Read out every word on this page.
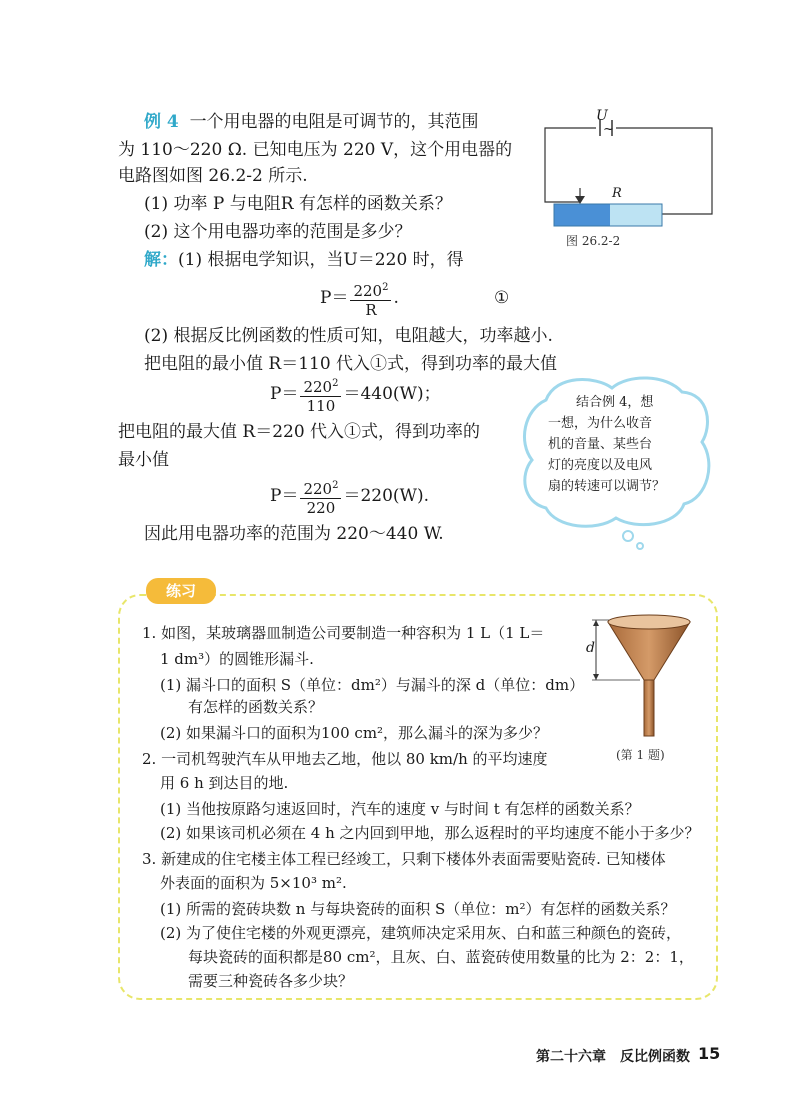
例 4 一个用电器的电阻是可调节的，其范围
为 110～220 Ω. 已知电压为 220 V，这个用电器的
电路图如图 26.2-2 所示.
(1) 功率 P 与电阻R 有怎样的函数关系？
(2) 这个用电器功率的范围是多少？
解：(1) 根据电学知识，当U＝220 时，得
$P= \frac{220^2}{R}$ .	①
(2) 根据反比例函数的性质可知，电阻越大，功率越小.
把电阻的最小值 R＝110 代入①式，得到功率的最大值
$P= \frac{220^2}{110} =440(W)$；
把电阻的最大值 R＝220 代入①式，得到功率的
最小值
$P= \frac{220^2}{220} =220(W)$.
因此用电器功率的范围为 220～440 W.
U
~
R
图 26.2-2
结合例 4，想
一想，为什么收音
机的音量、某些台
灯的亮度以及电风
扇的转速可以调节？
练习
1. 如图，某玻璃器皿制造公司要制造一种容积为 1 L（1 L＝
1 dm³）的圆锥形漏斗.
(1) 漏斗口的面积 S（单位：dm²）与漏斗的深 d（单位：dm）
有怎样的函数关系？
(2) 如果漏斗口的面积为100 cm²，那么漏斗的深为多少？
2. 一司机驾驶汽车从甲地去乙地，他以 80 km/h 的平均速度
用 6 h 到达目的地.
(1) 当他按原路匀速返回时，汽车的速度 v 与时间 t 有怎样的函数关系？
(2) 如果该司机必须在 4 h 之内回到甲地，那么返程时的平均速度不能小于多少？
3. 新建成的住宅楼主体工程已经竣工，只剩下楼体外表面需要贴瓷砖. 已知楼体
外表面的面积为 5×10³ m².
(1) 所需的瓷砖块数 n 与每块瓷砖的面积 S（单位：m²）有怎样的函数关系？
(2) 为了使住宅楼的外观更漂亮，建筑师决定采用灰、白和蓝三种颜色的瓷砖，
每块瓷砖的面积都是80 cm²，且灰、白、蓝瓷砖使用数量的比为 2：2：1，
需要三种瓷砖各多少块？
d
(第 1 题)
第二十六章　反比例函数 15
